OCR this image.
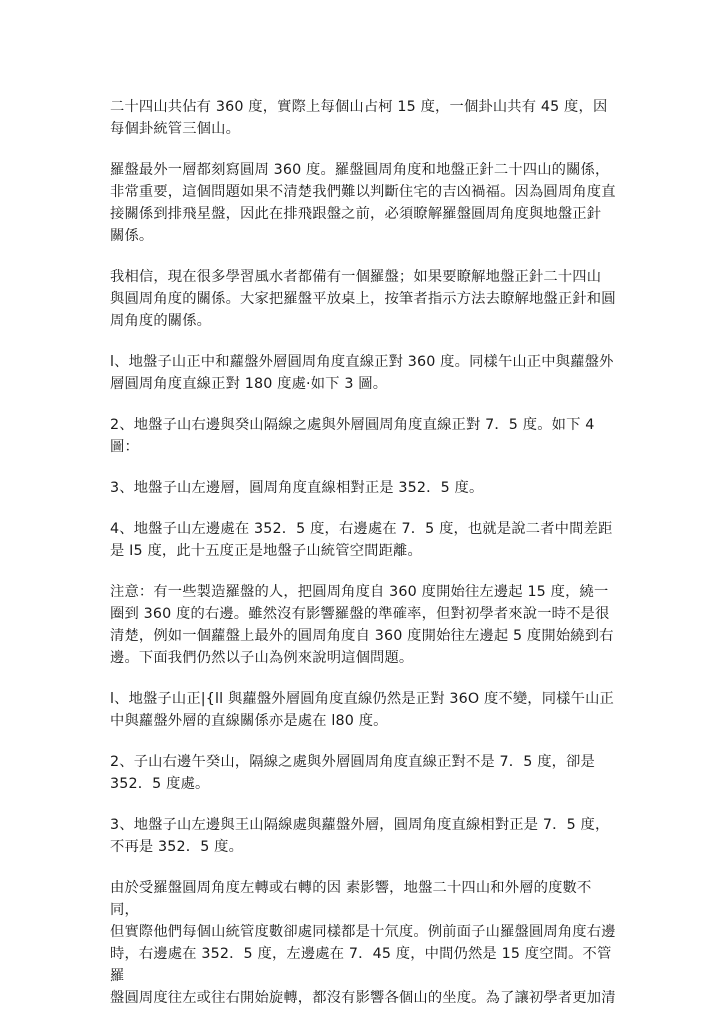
二十四山共佔有 360 度，實際上每個山占柯 15 度，一個卦山共有 45 度，因
每個卦統管三個山。

羅盤最外一層都刻寫圓周 360 度。羅盤圓周角度和地盤正針二十四山的關係，
非常重要，這個問題如果不清楚我們難以判斷住宅的吉凶禍福。因為圓周角度直
接關係到排飛星盤，因此在排飛跟盤之前，必須瞭解羅盤圓周角度與地盤正針
關係。

我相信，現在很多學習風水者都備有一個羅盤；如果要瞭解地盤正針二十四山
與圓周角度的關係。大家把羅盤平放桌上，按筆者指示方法去瞭解地盤正針和圓
周角度的關係。

l、地盤子山正中和蘿盤外層圓周角度直線正對 360 度。同樣午山正中與蘿盤外
層圓周角度直線正對 180 度處·如下 3 圖。

2、地盤子山右邊與癸山隔線之處與外層圓周角度直線正對 7．5 度。如下 4 圖：

3、地盤子山左邊層，圓周角度直線相對正是 352．5 度。

4、地盤子山左邊處在 352．5 度，右邊處在 7．5 度，也就是說二者中間差距
是 I5 度，此十五度正是地盤子山統管空間距離。

注意：有一些製造羅盤的人，把圓周角度自 360 度開始往左邊起 15 度，繞一
圈到 360 度的右邊。雖然沒有影響羅盤的準確率，但對初學者來說一時不是很
清楚，例如一個蘿盤上最外的圓周角度自 360 度開始往左邊起 5 度開始繞到右
邊。下面我們仍然以子山為例來說明這個問題。

l、地盤子山正|{ll 與蘿盤外層圓角度直線仍然是正對 36O 度不變，同樣午山正
中與蘿盤外層的直線關係亦是處在 l80 度。

2、子山右邊午癸山，隔線之處與外層圓周角度直線正對不是 7．5 度，卻是
352．5 度處。

3、地盤子山左邊與王山隔線處與蘿盤外層，圓周角度直線相對正是 7．5 度，
不再是 352．5 度。

由於受羅盤圓周角度左轉或右轉的因 素影響，地盤二十四山和外層的度數不同，
但實際他們每個山統管度數卻處同樣都是十氘度。例前面子山羅盤圓周角度右邊
時，右邊處在 352．5 度，左邊處在 7．45 度，中間仍然是 15 度空間。不管羅
盤圓周度往左或往右開始旋轉，都沒有影響各個山的坐度。為了讓初學者更加清
